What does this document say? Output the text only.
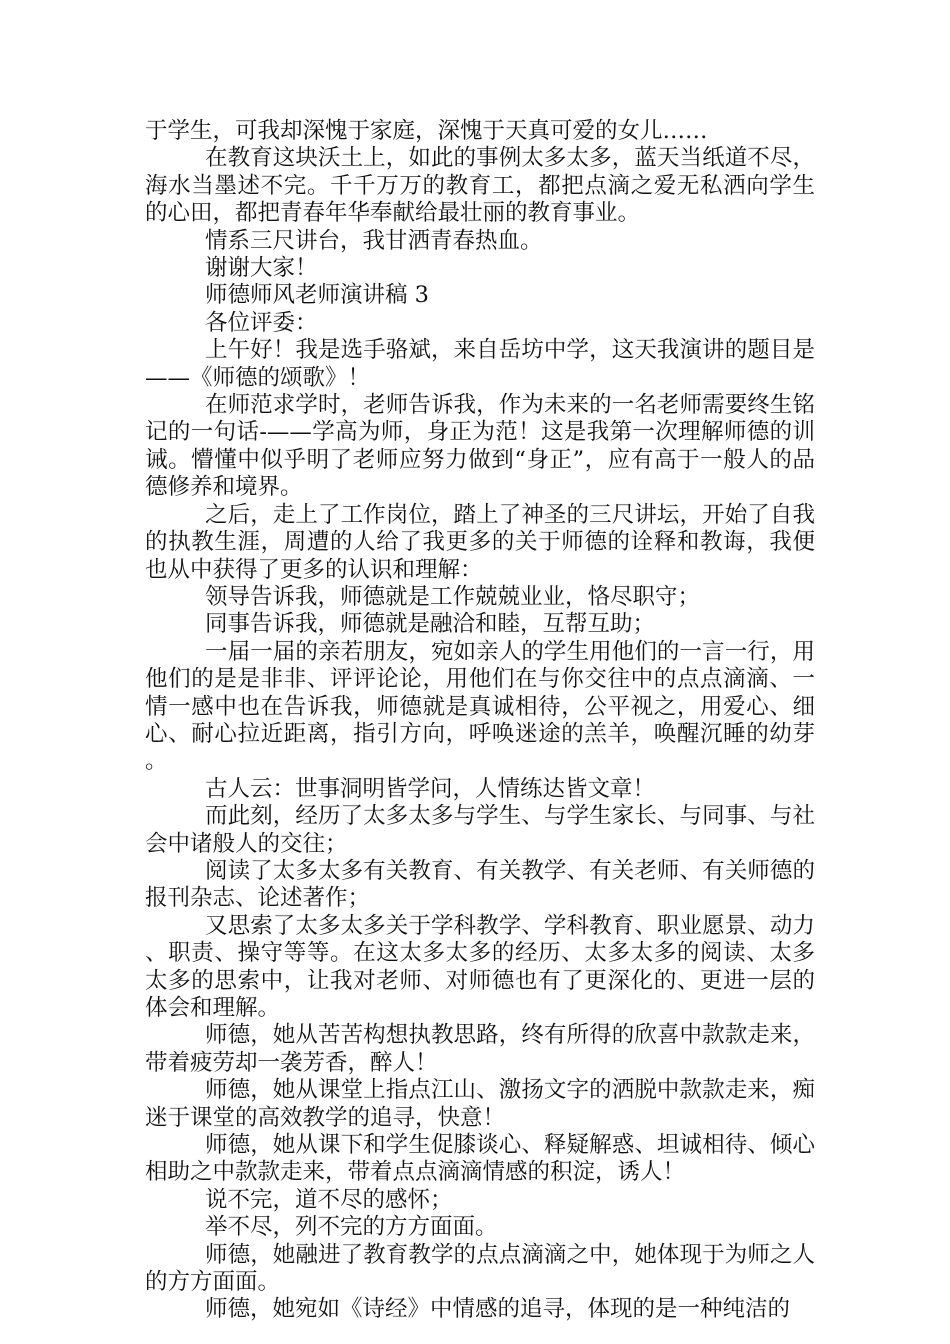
于学生，可我却深愧于家庭，深愧于天真可爱的女儿……

在教育这块沃土上，如此的事例太多太多，蓝天当纸道不尽，海水当墨述不完。千千万万的教育工，都把点滴之爱无私洒向学生的心田，都把青春年华奉献给最壮丽的教育事业。

情系三尺讲台，我甘洒青春热血。

谢谢大家！

师德师风老师演讲稿 3

各位评委：

上午好！我是选手骆斌，来自岳坊中学，这天我演讲的题目是——《师德的颂歌》！

在师范求学时，老师告诉我，作为未来的一名老师需要终生铭记的一句话-——学高为师，身正为范！这是我第一次理解师德的训诫。懵懂中似乎明了老师应努力做到“身正”，应有高于一般人的品德修养和境界。

之后，走上了工作岗位，踏上了神圣的三尺讲坛，开始了自我的执教生涯，周遭的人给了我更多的关于师德的诠释和教诲，我便也从中获得了更多的认识和理解：

领导告诉我，师德就是工作兢兢业业，恪尽职守；

同事告诉我，师德就是融洽和睦，互帮互助；

一届一届的亲若朋友，宛如亲人的学生用他们的一言一行，用他们的是是非非、评评论论，用他们在与你交往中的点点滴滴、一情一感中也在告诉我，师德就是真诚相待，公平视之，用爱心、细心、耐心拉近距离，指引方向，呼唤迷途的羔羊，唤醒沉睡的幼芽。

古人云：世事洞明皆学问，人情练达皆文章！

而此刻，经历了太多太多与学生、与学生家长、与同事、与社会中诸般人的交往；

阅读了太多太多有关教育、有关教学、有关老师、有关师德的报刊杂志、论述著作；

又思索了太多太多关于学科教学、学科教育、职业愿景、动力、职责、操守等等。在这太多太多的经历、太多太多的阅读、太多太多的思索中，让我对老师、对师德也有了更深化的、更进一层的体会和理解。

师德，她从苦苦构想执教思路，终有所得的欣喜中款款走来，带着疲劳却一袭芳香，醉人！

师德，她从课堂上指点江山、激扬文字的洒脱中款款走来，痴迷于课堂的高效教学的追寻，快意！

师德，她从课下和学生促膝谈心、释疑解惑、坦诚相待、倾心相助之中款款走来，带着点点滴滴情感的积淀，诱人！

说不完，道不尽的感怀；

举不尽，列不完的方方面面。

师德，她融进了教育教学的点点滴滴之中，她体现于为师之人的方方面面。

师德，她宛如《诗经》中情感的追寻，体现的是一种纯洁的
